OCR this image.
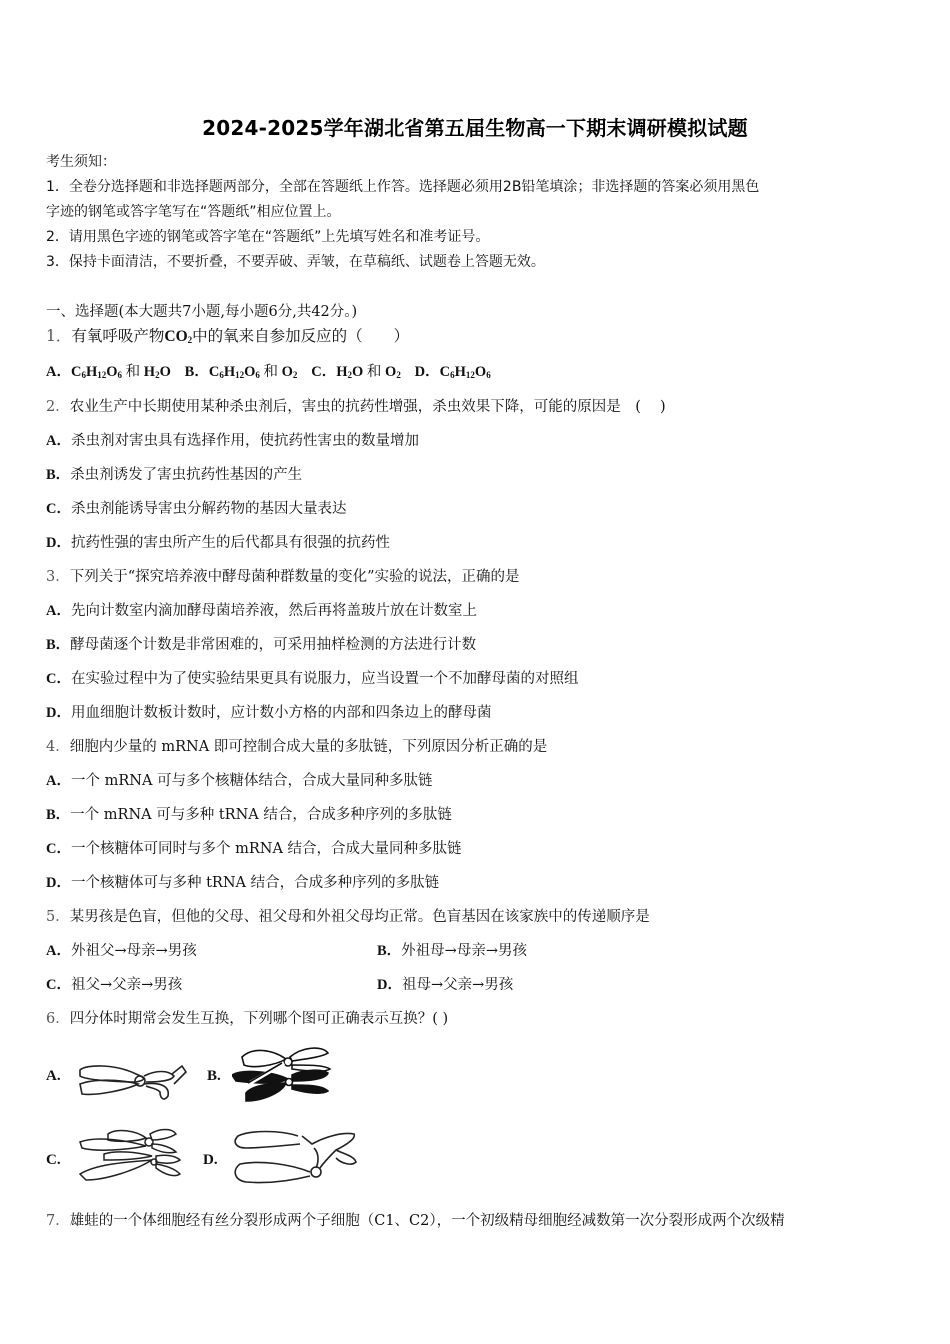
2024-2025学年湖北省第五届生物高一下期末调研模拟试题
考生须知：
1．全卷分选择题和非选择题两部分，全部在答题纸上作答。选择题必须用2B铅笔填涂；非选择题的答案必须用黑色
字迹的钢笔或答字笔写在“答题纸”相应位置上。
2．请用黑色字迹的钢笔或答字笔在“答题纸”上先填写姓名和准考证号。
3．保持卡面清洁，不要折叠，不要弄破、弄皱，在草稿纸、试题卷上答题无效。
一、选择题(本大题共7小题,每小题6分,共42分。)
1．有氧呼吸产物$CO_2$中的氧来自参加反应的（　　）
A．$C_6H_{12}O_6$ 和 $H_2O$ B．$C_6H_{12}O_6$ 和 $O_2$ C．$H_2O$ 和 $O_2$ D．$C_6H_{12}O_6$
2．农业生产中长期使用某种杀虫剂后，害虫的抗药性增强，杀虫效果下降，可能的原因是　( 　)
A．杀虫剂对害虫具有选择作用，使抗药性害虫的数量增加
B．杀虫剂诱发了害虫抗药性基因的产生
C．杀虫剂能诱导害虫分解药物的基因大量表达
D．抗药性强的害虫所产生的后代都具有很强的抗药性
3．下列关于“探究培养液中酵母菌种群数量的变化”实验的说法，正确的是
A．先向计数室内滴加酵母菌培养液，然后再将盖玻片放在计数室上
B．酵母菌逐个计数是非常困难的，可采用抽样检测的方法进行计数
C．在实验过程中为了使实验结果更具有说服力，应当设置一个不加酵母菌的对照组
D．用血细胞计数板计数时，应计数小方格的内部和四条边上的酵母菌
4．细胞内少量的 mRNA 即可控制合成大量的多肽链，下列原因分析正确的是
A．一个 mRNA 可与多个核糖体结合，合成大量同种多肽链
B．一个 mRNA 可与多种 tRNA 结合，合成多种序列的多肽链
C．一个核糖体可同时与多个 mRNA 结合，合成大量同种多肽链
D．一个核糖体可与多种 tRNA 结合，合成多种序列的多肽链
5．某男孩是色盲，但他的父母、祖父母和外祖父母均正常。色盲基因在该家族中的传递顺序是
A．外祖父→母亲→男孩	B．外祖母→母亲→男孩
C．祖父→父亲→男孩	D．祖母→父亲→男孩
6．四分体时期常会发生互换，下列哪个图可正确表示互换？( )
A.	B.
C.	D.
7．雄蛙的一个体细胞经有丝分裂形成两个子细胞（C1、C2），一个初级精母细胞经减数第一次分裂形成两个次级精
